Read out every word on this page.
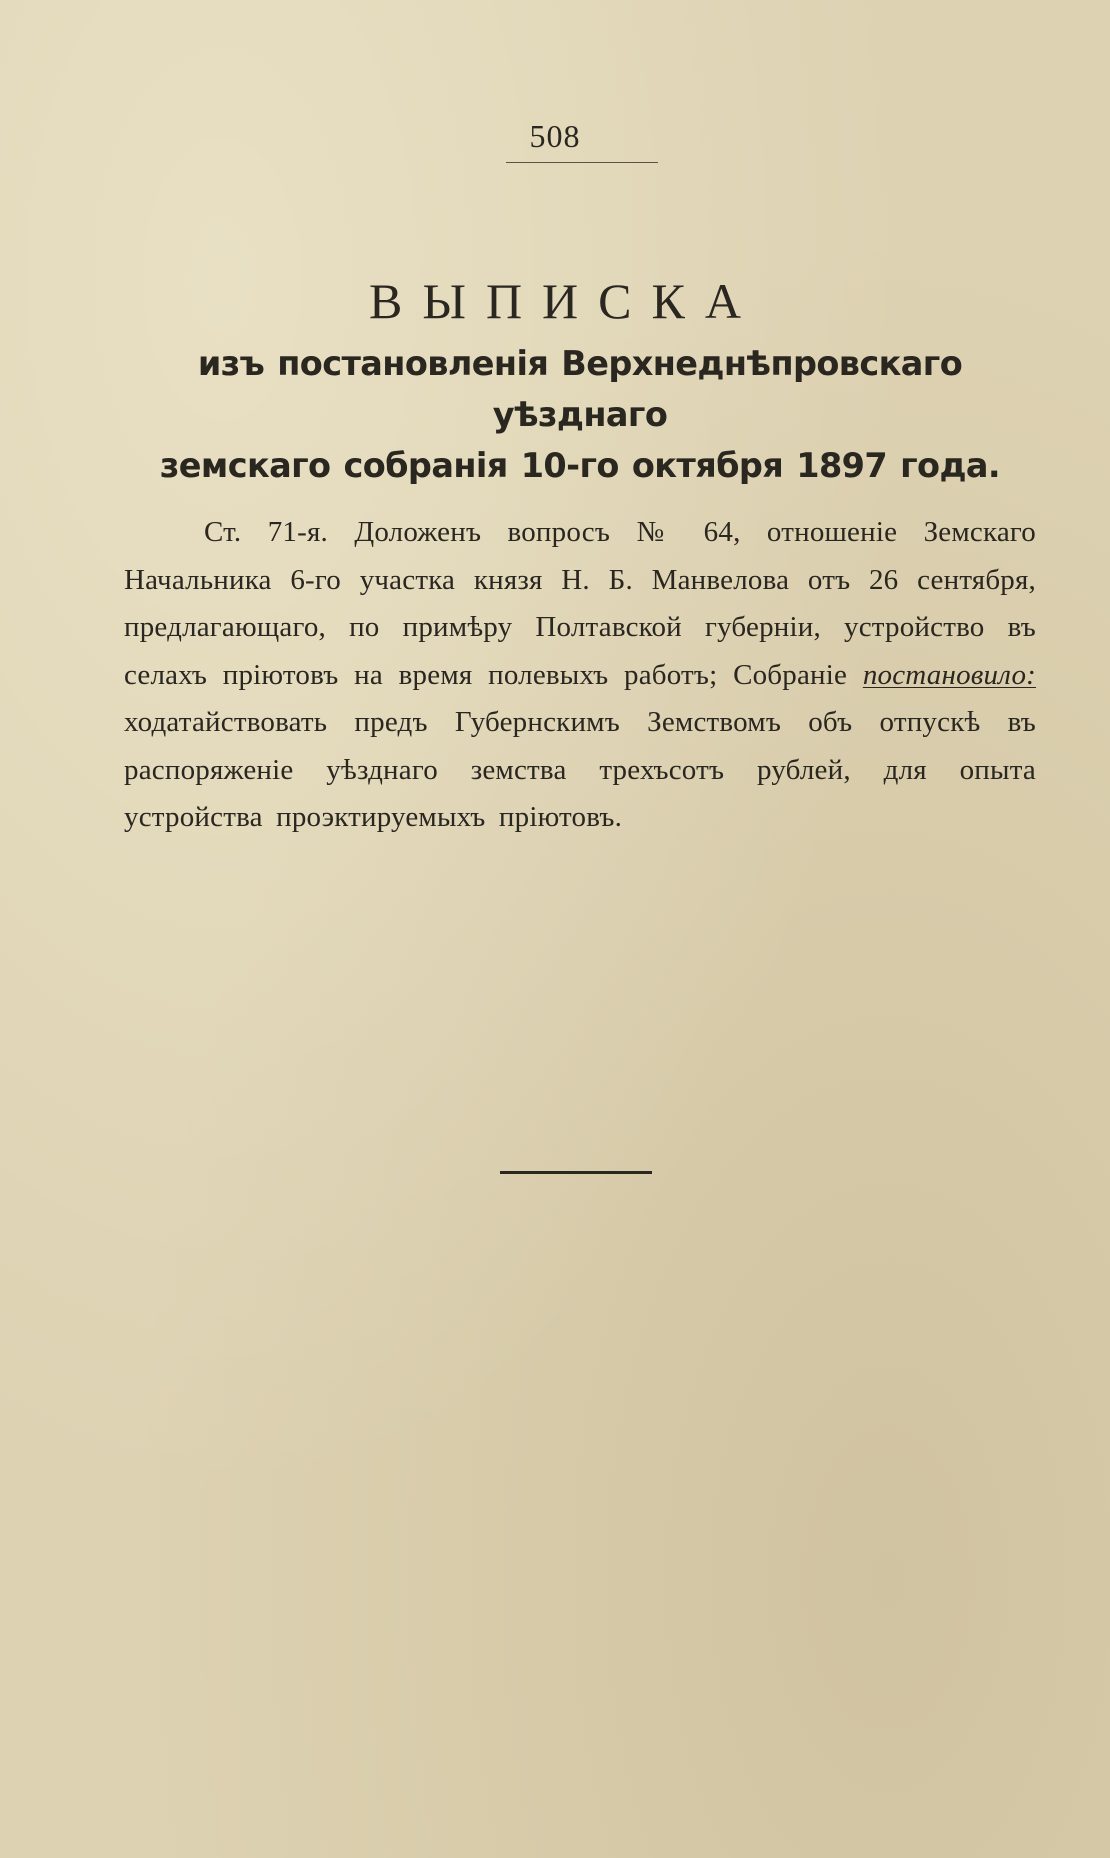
508
ВЫПИСКА
изъ постановленія Верхнеднѣпровскаго уѣзднаго
земскаго собранія 10-го октября 1897 года.

Ст. 71-я. Доложенъ вопросъ № 64, отношеніе Земскаго Начальника 6-го участка князя Н. Б. Манвелова отъ 26 сентября, предлагающаго, по примѣру Полтавской губерніи, устройство въ селахъ пріютовъ на время полевыхъ работъ; Собраніе постановило: ходатайствовать предъ Губернскимъ Земствомъ объ отпускѣ въ распоряженіе уѣзднаго земства трехъсотъ рублей, для опыта устройства проэктируемыхъ пріютовъ.
